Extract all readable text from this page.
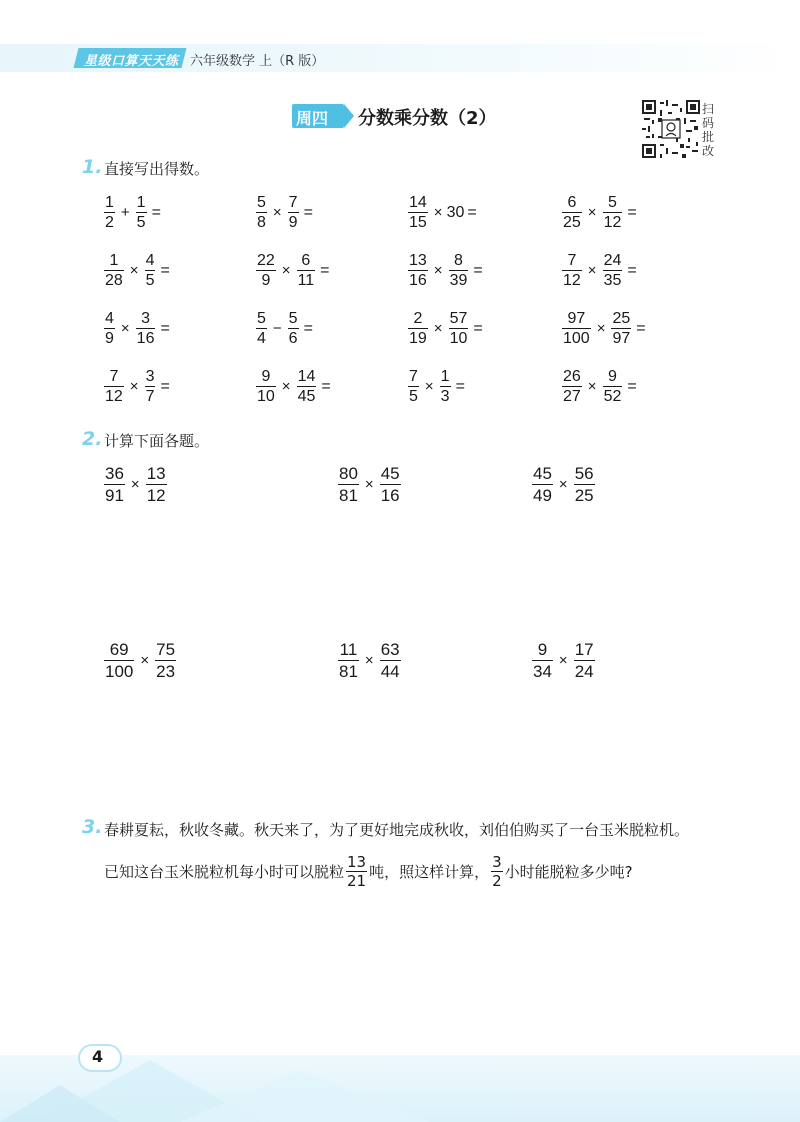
星级口算天天练 六年级数学 上（R 版）
周四 分数乘分数（2）	扫码批改
1. 直接写出得数。
$\frac{1}{2} + \frac{1}{5}$ =	$\frac{5}{8} \times \frac{7}{9}$ =	$\frac{14}{15} \times 30$ =	$\frac{6}{25} \times \frac{5}{12}$ =
$\frac{1}{28} \times \frac{4}{5}$ =	$\frac{22}{9} \times \frac{6}{11}$ =	$\frac{13}{16} \times \frac{8}{39}$ =	$\frac{7}{12} \times \frac{24}{35}$ =
$\frac{4}{9} \times \frac{3}{16}$ =	$\frac{5}{4} - \frac{5}{6}$ =	$\frac{2}{19} \times \frac{57}{10}$ =	$\frac{97}{100} \times \frac{25}{97}$ =
$\frac{7}{12} \times \frac{3}{7}$ =	$\frac{9}{10} \times \frac{14}{45}$ =	$\frac{7}{5} \times \frac{1}{3}$ =	$\frac{26}{27} \times \frac{9}{52}$ =
2. 计算下面各题。
$\frac{36}{91} \times \frac{13}{12}$	$\frac{80}{81} \times \frac{45}{16}$	$\frac{45}{49} \times \frac{56}{25}$
$\frac{69}{100} \times \frac{75}{23}$	$\frac{11}{81} \times \frac{63}{44}$	$\frac{9}{34} \times \frac{17}{24}$
3. 春耕夏耘，秋收冬藏。秋天来了，为了更好地完成秋收，刘伯伯购买了一台玉米脱粒机。
已知这台玉米脱粒机每小时可以脱粒 $\frac{13}{21}$ 吨，照这样计算， $\frac{3}{2}$ 小时能脱粒多少吨?
4
